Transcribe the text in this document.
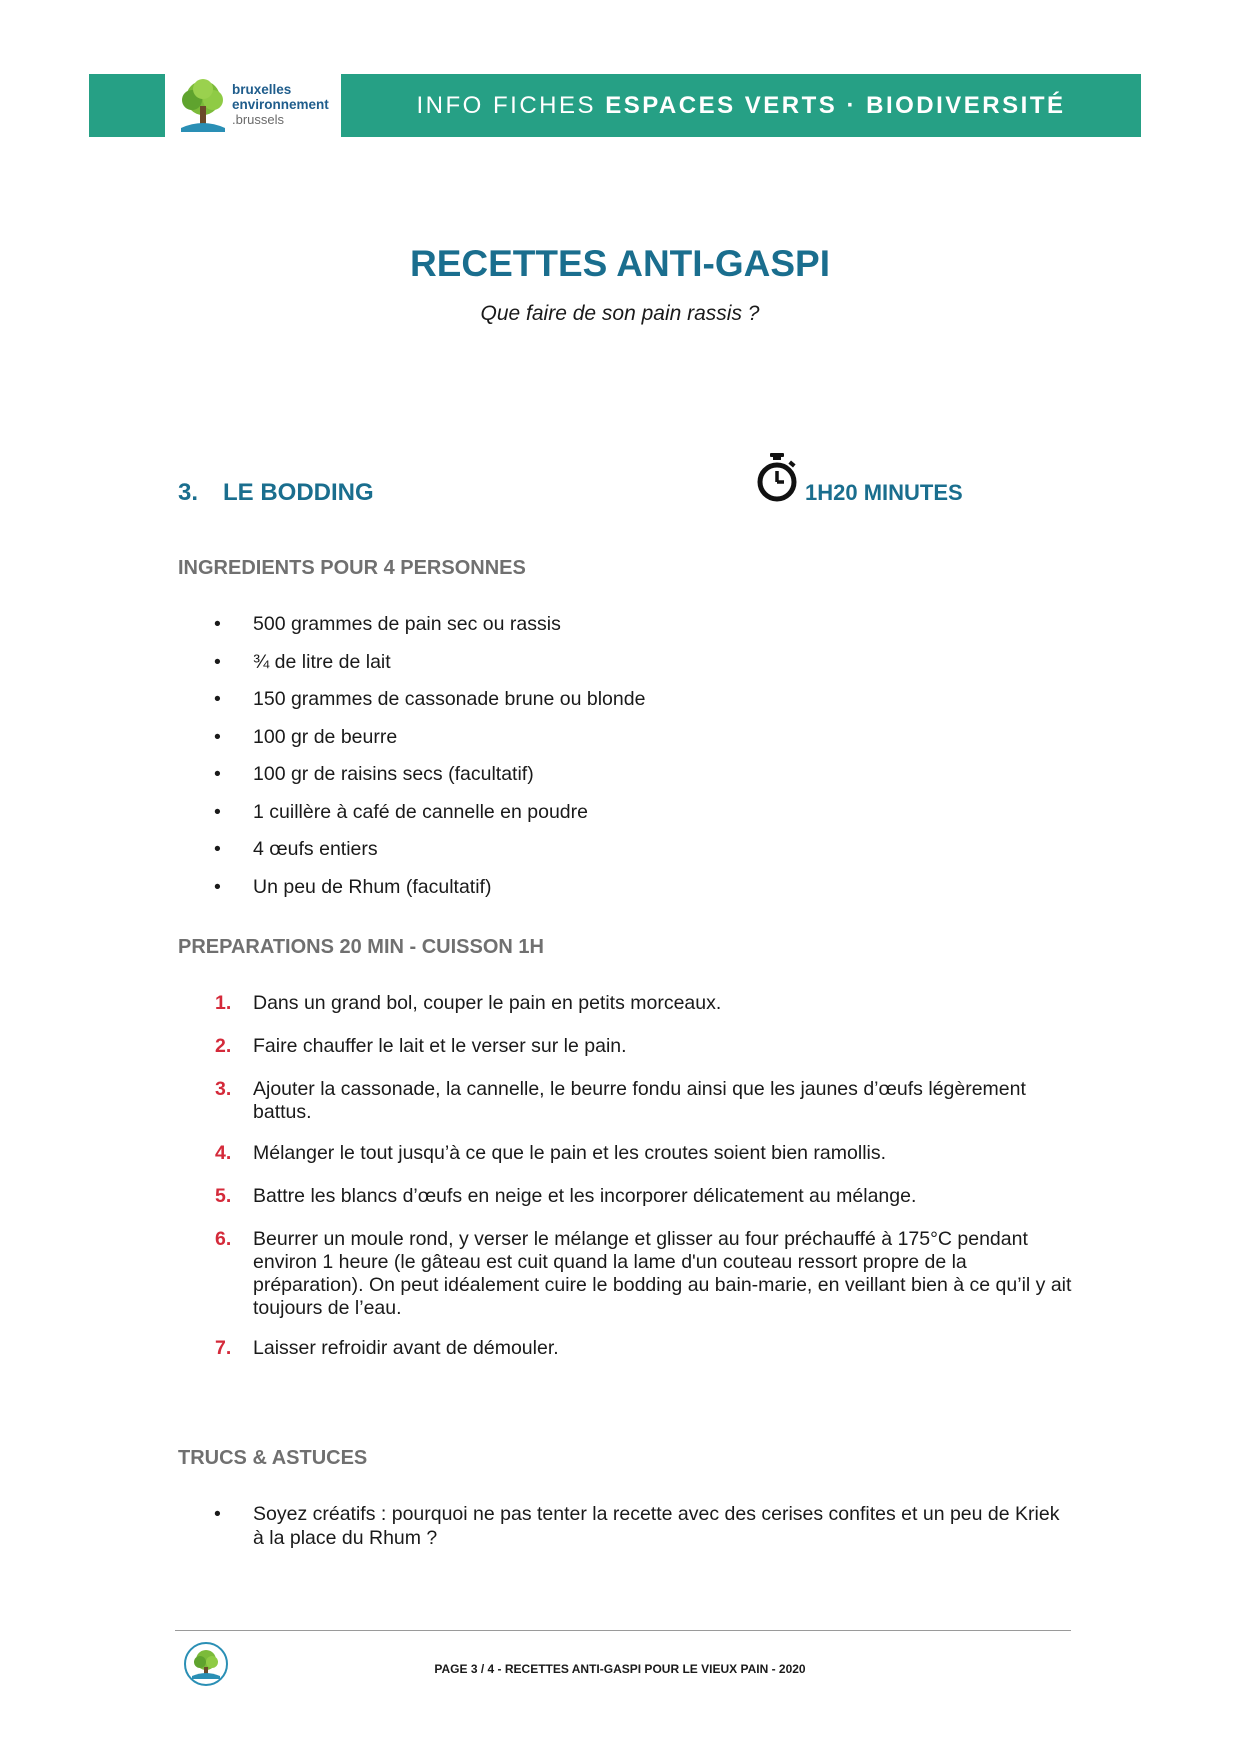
bruxelles
environnement
.brussels
INFO FICHES ESPACES VERTS · BIODIVERSITÉ
RECETTES ANTI-GASPI
Que faire de son pain rassis ?
3. LE BODDING	1H20 MINUTES
INGREDIENTS POUR 4 PERSONNES
• 500 grammes de pain sec ou rassis
• ¾ de litre de lait
• 150 grammes de cassonade brune ou blonde
• 100 gr de beurre
• 100 gr de raisins secs (facultatif)
• 1 cuillère à café de cannelle en poudre
• 4 œufs entiers
• Un peu de Rhum (facultatif)
PREPARATIONS 20 MIN - CUISSON 1H
1. Dans un grand bol, couper le pain en petits morceaux.
2. Faire chauffer le lait et le verser sur le pain.
3. Ajouter la cassonade, la cannelle, le beurre fondu ainsi que les jaunes d’œufs légèrement battus.
4. Mélanger le tout jusqu’à ce que le pain et les croutes soient bien ramollis.
5. Battre les blancs d’œufs en neige et les incorporer délicatement au mélange.
6. Beurrer un moule rond, y verser le mélange et glisser au four préchauffé à 175°C pendant environ 1 heure (le gâteau est cuit quand la lame d'un couteau ressort propre de la préparation). On peut idéalement cuire le bodding au bain-marie, en veillant bien à ce qu’il y ait toujours de l’eau.
7. Laisser refroidir avant de démouler.
TRUCS & ASTUCES
• Soyez créatifs : pourquoi ne pas tenter la recette avec des cerises confites et un peu de Kriek à la place du Rhum ?
PAGE 3 / 4 - RECETTES ANTI-GASPI POUR LE VIEUX PAIN - 2020
